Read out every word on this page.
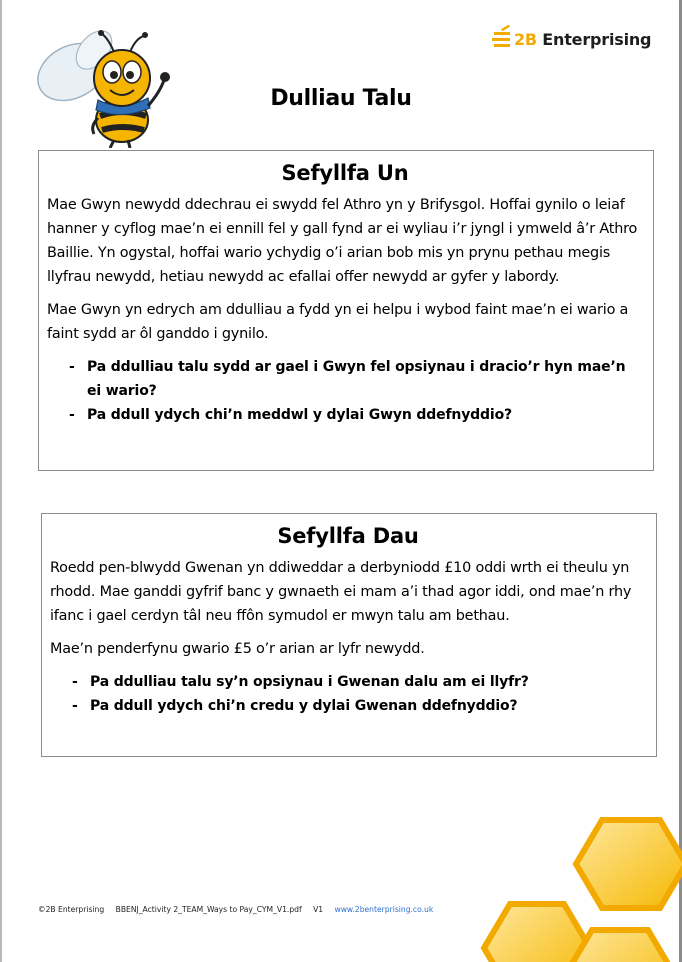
2B Enterprising
Dulliau Talu
Sefyllfa Un

Mae Gwyn newydd ddechrau ei swydd fel Athro yn y Brifysgol. Hoffai gynilo o leiaf hanner y cyflog mae’n ei ennill fel y gall fynd ar ei wyliau i’r jyngl i ymweld â’r Athro Baillie. Yn ogystal, hoffai wario ychydig o’i arian bob mis yn prynu pethau megis llyfrau newydd, hetiau newydd ac efallai offer newydd ar gyfer y labordy.

Mae Gwyn yn edrych am ddulliau a fydd yn ei helpu i wybod faint mae’n ei wario a faint sydd ar ôl ganddo i gynilo.

- Pa ddulliau talu sydd ar gael i Gwyn fel opsiynau i dracio’r hyn mae’n ei wario?
- Pa ddull ydych chi’n meddwl y dylai Gwyn ddefnyddio?
Sefyllfa Dau

Roedd pen-blwydd Gwenan yn ddiweddar a derbyniodd £10 oddi wrth ei theulu yn rhodd. Mae ganddi gyfrif banc y gwnaeth ei mam a’i thad agor iddi, ond mae’n rhy ifanc i gael cerdyn tâl neu ffôn symudol er mwyn talu am bethau.

Mae’n penderfynu gwario £5 o’r arian ar lyfr newydd.

- Pa ddulliau talu sy’n opsiynau i Gwenan dalu am ei llyfr?
- Pa ddull ydych chi’n credu y dylai Gwenan ddefnyddio?
©2B Enterprising BBENJ_Activity 2_TEAM_Ways to Pay_CYM_V1.pdf V1 www.2benterprising.co.uk
